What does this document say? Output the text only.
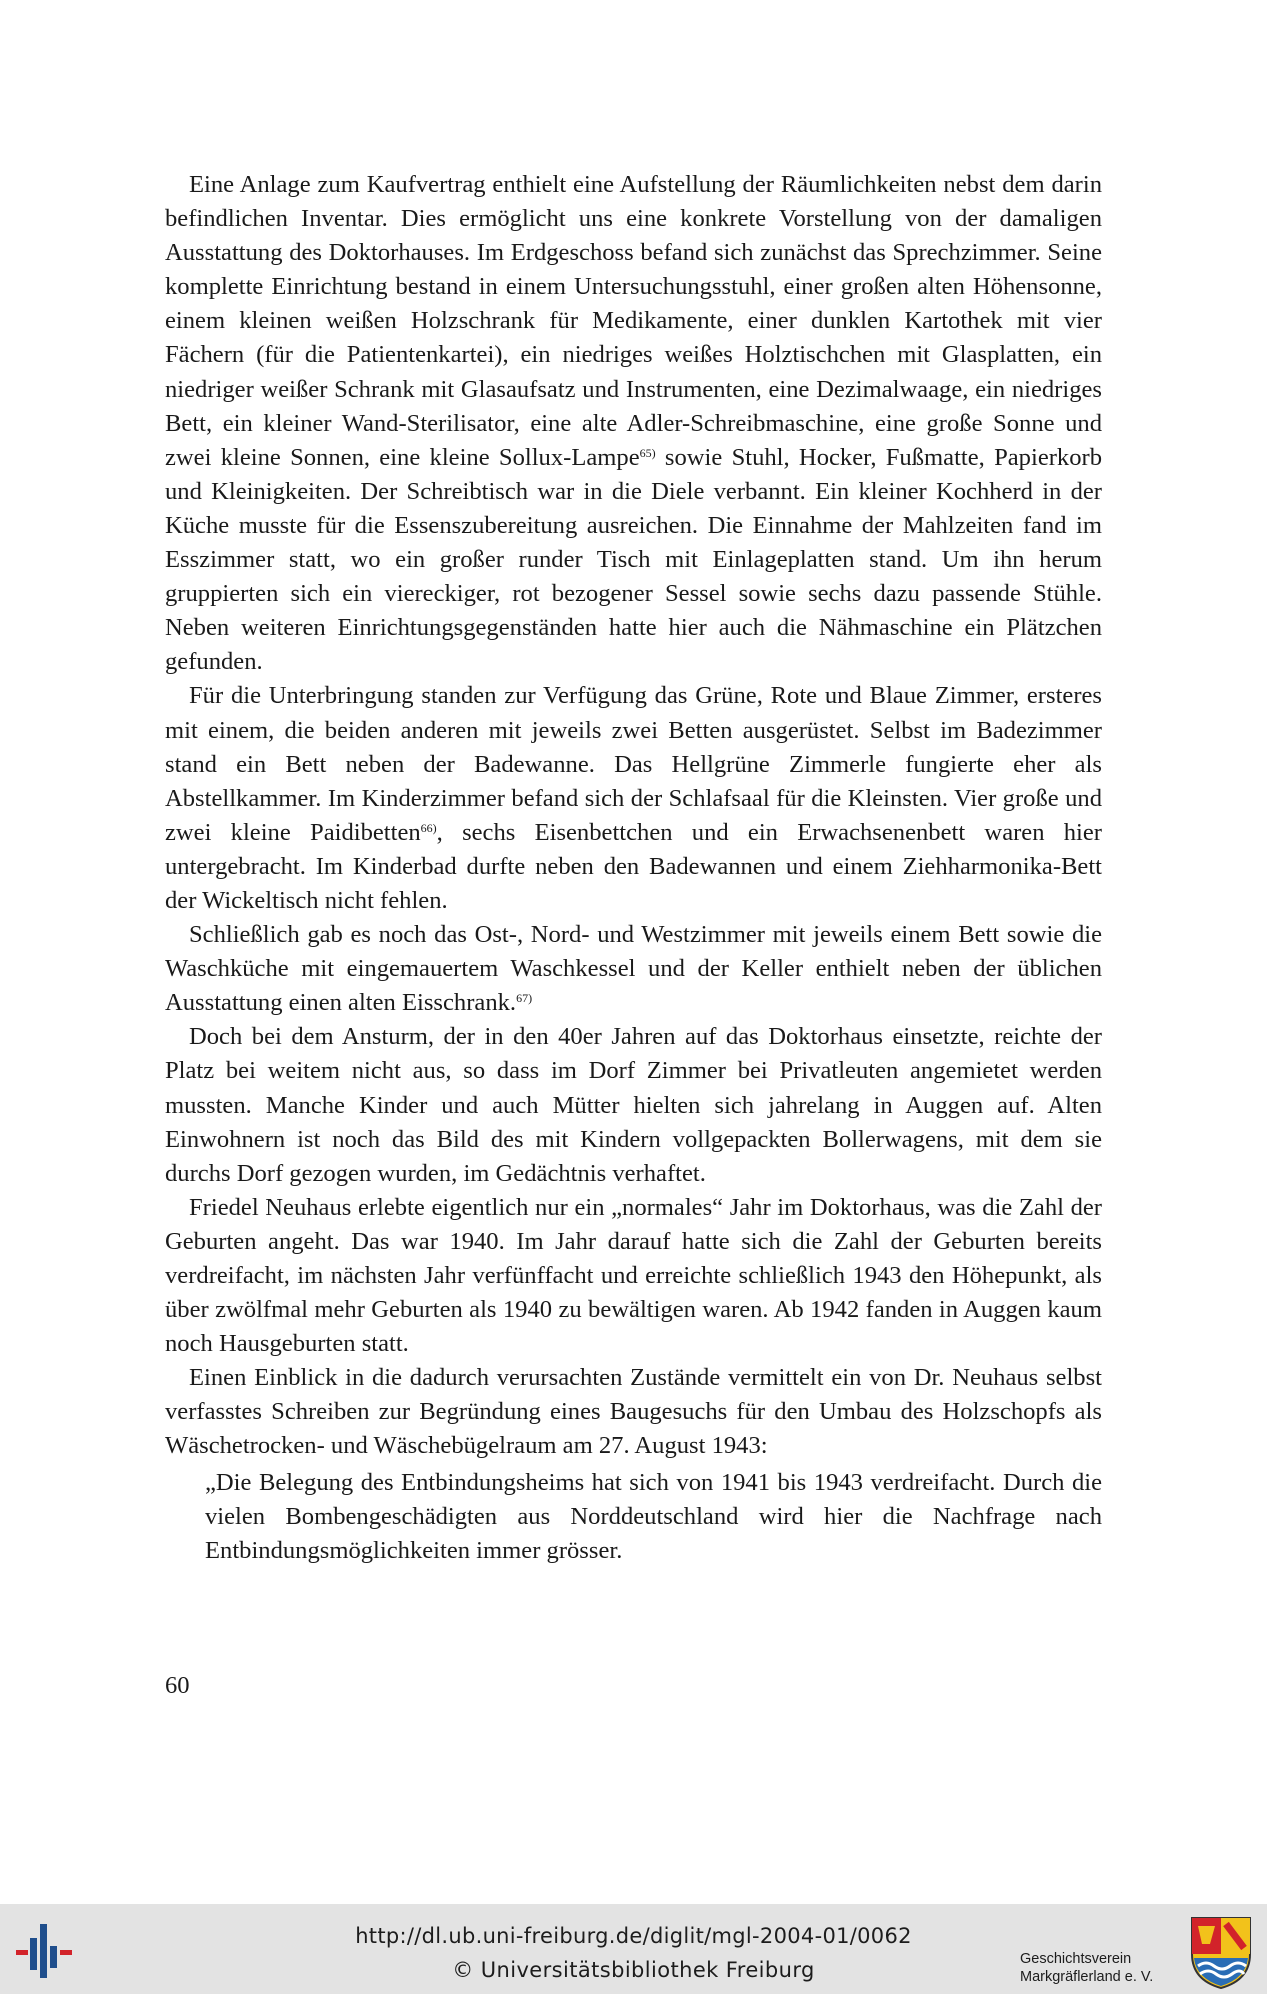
Eine Anlage zum Kaufvertrag enthielt eine Aufstellung der Räumlichkeiten nebst dem darin befindlichen Inventar. Dies ermöglicht uns eine konkrete Vorstellung von der damaligen Ausstattung des Doktorhauses. Im Erdgeschoss befand sich zunächst das Sprechzimmer. Seine komplette Einrichtung bestand in einem Untersuchungsstuhl, einer großen alten Höhensonne, einem kleinen weißen Holzschrank für Medikamente, einer dunklen Kartothek mit vier Fächern (für die Patientenkartei), ein niedriges weißes Holztischchen mit Glasplatten, ein niedriger weißer Schrank mit Glasaufsatz und Instrumenten, eine Dezimalwaage, ein niedriges Bett, ein kleiner Wand-Sterilisator, eine alte Adler-Schreibmaschine, eine große Sonne und zwei kleine Sonnen, eine kleine Sollux-Lampe$^{65)}$ sowie Stuhl, Hocker, Fußmatte, Papierkorb und Kleinigkeiten. Der Schreibtisch war in die Diele verbannt. Ein kleiner Kochherd in der Küche musste für die Essenszubereitung ausreichen. Die Einnahme der Mahlzeiten fand im Esszimmer statt, wo ein großer runder Tisch mit Einlageplatten stand. Um ihn herum gruppierten sich ein viereckiger, rot bezogener Sessel sowie sechs dazu passende Stühle. Neben weiteren Einrichtungsgegenständen hatte hier auch die Nähmaschine ein Plätzchen gefunden.

Für die Unterbringung standen zur Verfügung das Grüne, Rote und Blaue Zimmer, ersteres mit einem, die beiden anderen mit jeweils zwei Betten ausgerüstet. Selbst im Badezimmer stand ein Bett neben der Badewanne. Das Hellgrüne Zimmerle fungierte eher als Abstellkammer. Im Kinderzimmer befand sich der Schlafsaal für die Kleinsten. Vier große und zwei kleine Paidibetten$^{66)}$, sechs Eisenbettchen und ein Erwachsenenbett waren hier untergebracht. Im Kinderbad durfte neben den Badewannen und einem Ziehharmonika-Bett der Wickeltisch nicht fehlen.

Schließlich gab es noch das Ost-, Nord- und Westzimmer mit jeweils einem Bett sowie die Waschküche mit eingemauertem Waschkessel und der Keller enthielt neben der üblichen Ausstattung einen alten Eisschrank.$^{67)}$

Doch bei dem Ansturm, der in den 40er Jahren auf das Doktorhaus einsetzte, reichte der Platz bei weitem nicht aus, so dass im Dorf Zimmer bei Privatleuten angemietet werden mussten. Manche Kinder und auch Mütter hielten sich jahrelang in Auggen auf. Alten Einwohnern ist noch das Bild des mit Kindern vollgepackten Bollerwagens, mit dem sie durchs Dorf gezogen wurden, im Gedächtnis verhaftet.

Friedel Neuhaus erlebte eigentlich nur ein „normales“ Jahr im Doktorhaus, was die Zahl der Geburten angeht. Das war 1940. Im Jahr darauf hatte sich die Zahl der Geburten bereits verdreifacht, im nächsten Jahr verfünffacht und erreichte schließlich 1943 den Höhepunkt, als über zwölfmal mehr Geburten als 1940 zu bewältigen waren. Ab 1942 fanden in Auggen kaum noch Hausgeburten statt.

Einen Einblick in die dadurch verursachten Zustände vermittelt ein von Dr. Neuhaus selbst verfasstes Schreiben zur Begründung eines Baugesuchs für den Umbau des Holzschopfs als Wäschetrocken- und Wäschebügelraum am 27. August 1943:

„Die Belegung des Entbindungsheims hat sich von 1941 bis 1943 verdreifacht. Durch die vielen Bombengeschädigten aus Norddeutschland wird hier die Nachfrage nach Entbindungsmöglichkeiten immer grösser.

60
http://dl.ub.uni-freiburg.de/diglit/mgl-2004-01/0062
© Universitätsbibliothek Freiburg	Geschichtsverein
Markgräflerland e. V.
